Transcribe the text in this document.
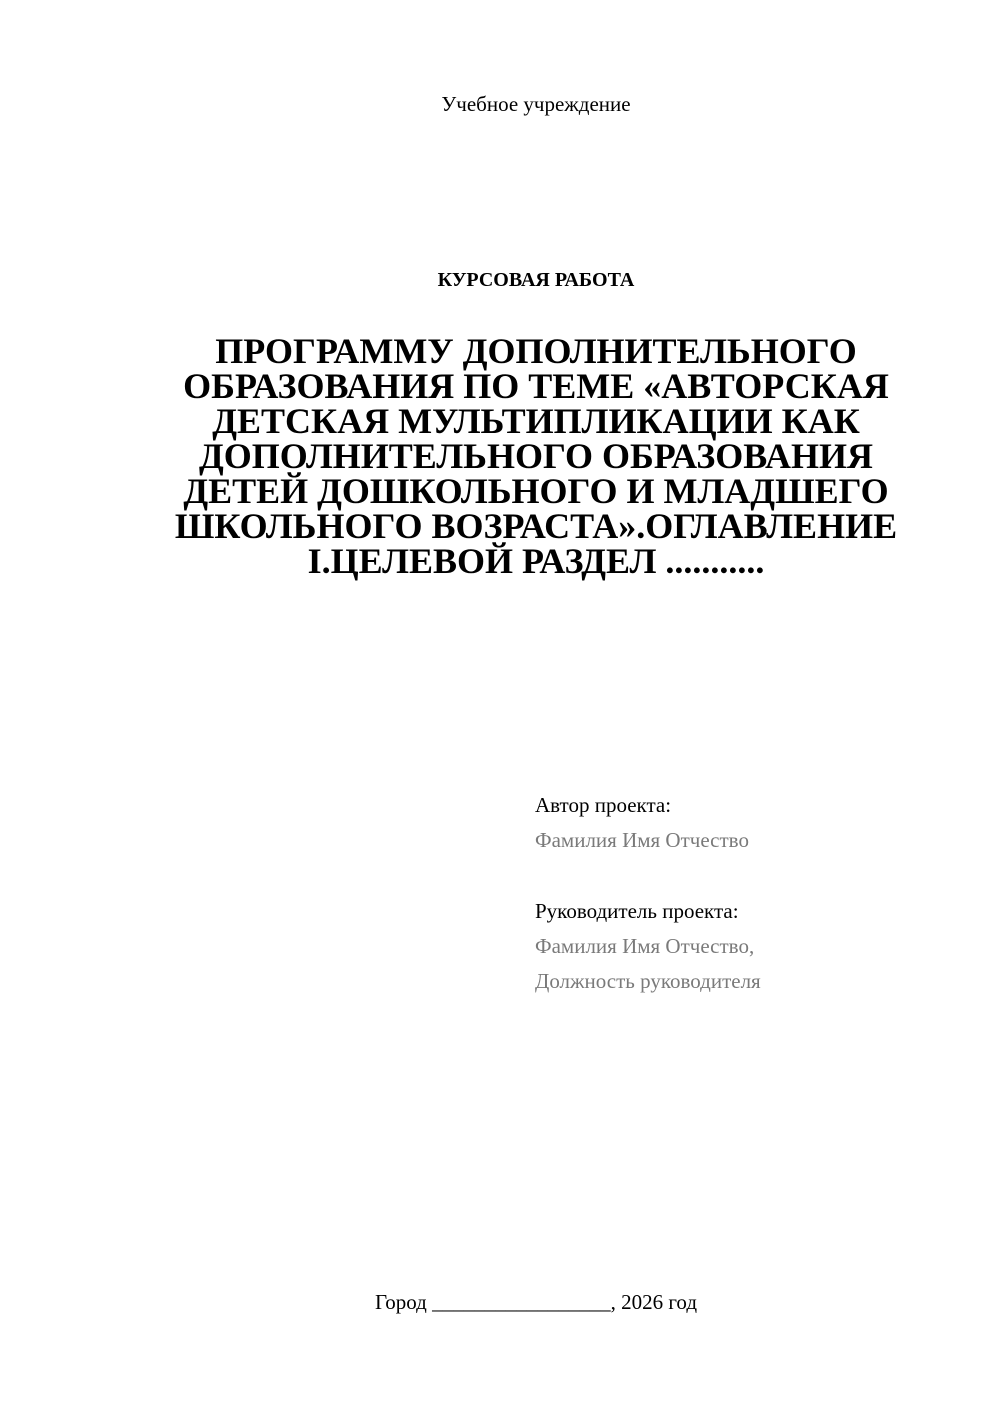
Учебное учреждение
КУРСОВАЯ РАБОТА
ПРОГРАММУ ДОПОЛНИТЕЛЬНОГО ОБРАЗОВАНИЯ ПО ТЕМЕ «АВТОРСКАЯ ДЕТСКАЯ МУЛЬТИПЛИКАЦИИ КАК ДОПОЛНИТЕЛЬНОГО ОБРАЗОВАНИЯ ДЕТЕЙ ДОШКОЛЬНОГО И МЛАДШЕГО ШКОЛЬНОГО ВОЗРАСТА».ОГЛАВЛЕНИЕ I.ЦЕЛЕВОЙ РАЗДЕЛ ...........
Автор проекта:
Фамилия Имя Отчество
Руководитель проекта:
Фамилия Имя Отчество,
Должность руководителя
Город _________________, 2026 год
